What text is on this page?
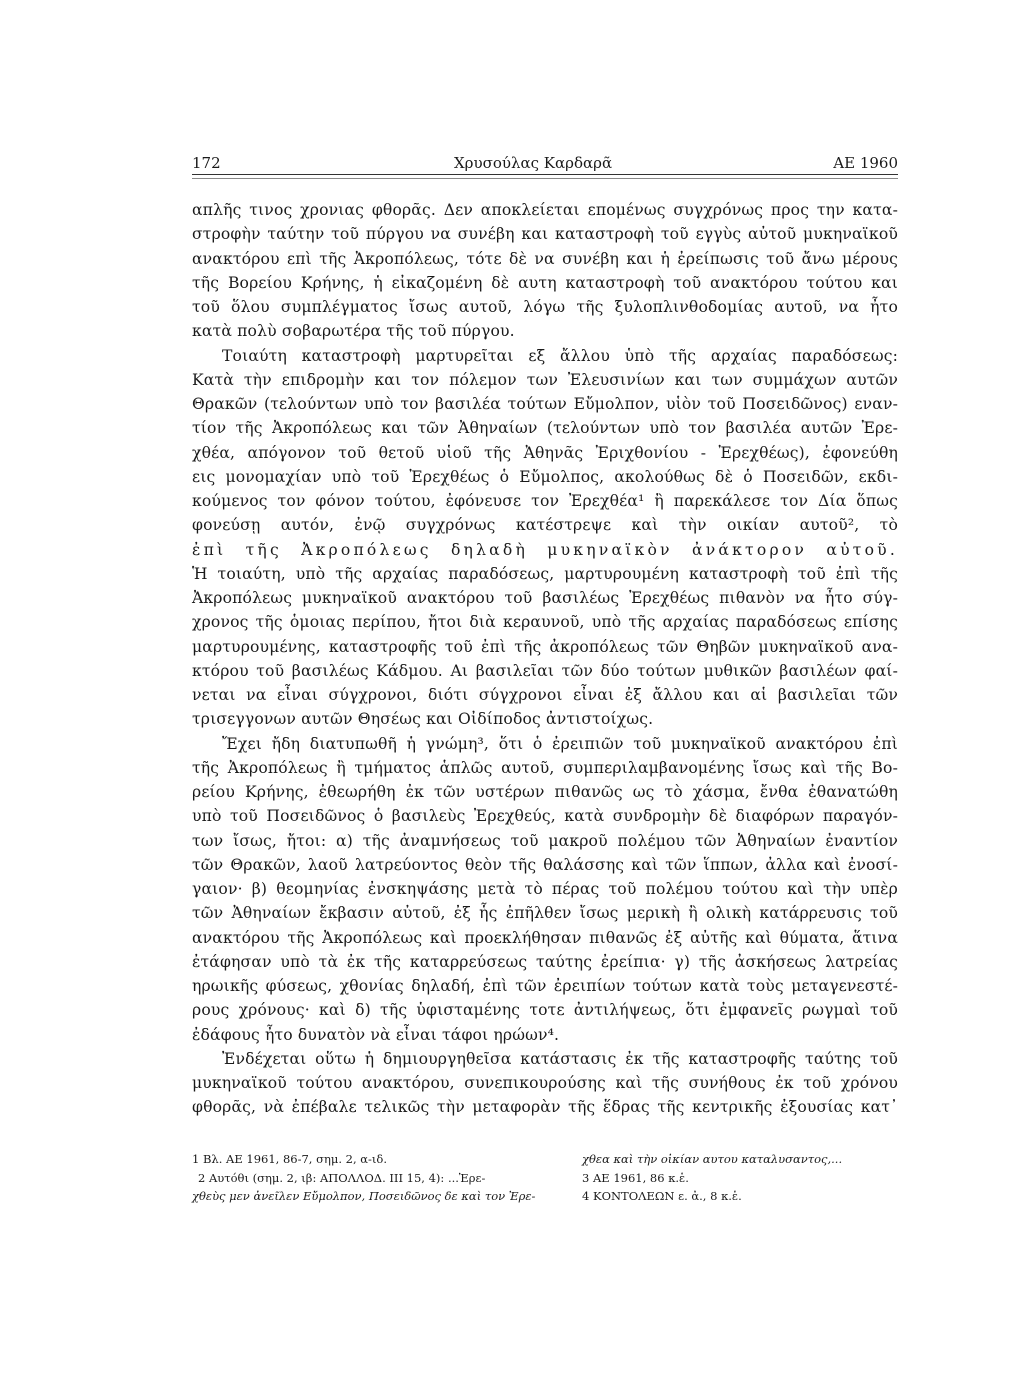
172	Χρυσούλας Καρδαρᾶ	ΑΕ 1960
απλῆς τινος χρονιας φθορᾶς. Δεν αποκλείεται επομένως συγχρόνως προς την κατα-
στροφὴν ταύτην τοῦ πύργου να συνέβη και καταστροφὴ τοῦ εγγὺς αὐτοῦ μυκηναϊκοῦ
ανακτόρου επὶ τῆς Ἀκροπόλεως, τότε δὲ να συνέβη και ἡ ἐρείπωσις τοῦ ἄνω μέρους
τῆς Βορείου Κρήνης, ἡ εἰκαζομένη δὲ αυτη καταστροφὴ τοῦ ανακτόρου τούτου και
τοῦ ὅλου συμπλέγματος ἴσως αυτοῦ, λόγω τῆς ξυλοπλινθοδομίας αυτοῦ, να ἦτο
κατὰ πολὺ σοβαρωτέρα τῆς τοῦ πύργου.
Τοιαύτη καταστροφὴ μαρτυρεῖται εξ ἄλλου ὑπὸ τῆς αρχαίας παραδόσεως:
Κατὰ τὴν επιδρομὴν και τον πόλεμον των Ἐλευσινίων και των συμμάχων αυτῶν
Θρακῶν (τελούντων υπὸ τον βασιλέα τούτων Εὔμολπον, υἱὸν τοῦ Ποσειδῶνος) εναν-
τίον τῆς Ἀκροπόλεως και τῶν Ἀθηναίων (τελούντων υπὸ τον βασιλέα αυτῶν Ἐρε-
χθέα, απόγονον τοῦ θετοῦ υἱοῦ τῆς Ἀθηνᾶς Ἐριχθονίου - Ἐρεχθέως), ἐφονεύθη
εις μονομαχίαν υπὸ τοῦ Ἐρεχθέως ὁ Εὔμολπος, ακολούθως δὲ ὁ Ποσειδῶν, εκδι-
κούμενος τον φόνον τούτου, ἐφόνευσε τον Ἐρεχθέα¹ ἢ παρεκάλεσε τον Δία ὅπως
φονεύσῃ αυτόν, ἐνῷ συγχρόνως κατέστρεψε καὶ τὴν οικίαν αυτοῦ², τὸ
ἐπὶ τῆς Ἀκροπόλεως δηλαδὴ μυκηναϊκὸν ἀνάκτορον αὐτοῦ.
Ἡ τοιαύτη, υπὸ τῆς αρχαίας παραδόσεως, μαρτυρουμένη καταστροφὴ τοῦ ἐπὶ τῆς
Ἀκροπόλεως μυκηναϊκοῦ ανακτόρου τοῦ βασιλέως Ἐρεχθέως πιθανὸν να ἦτο σύγ-
χρονος τῆς ὁμοιας περίπου, ἤτοι διὰ κεραυνοῦ, υπὸ τῆς αρχαίας παραδόσεως επίσης
μαρτυρουμένης, καταστροφῆς τοῦ ἐπὶ τῆς ἀκροπόλεως τῶν Θηβῶν μυκηναϊκοῦ ανα-
κτόρου τοῦ βασιλέως Κάδμου. Αι βασιλεῖαι τῶν δύο τούτων μυθικῶν βασιλέων φαί-
νεται να εἶναι σύγχρονοι, διότι σύγχρονοι εἶναι ἐξ ἄλλου και αἱ βασιλεῖαι τῶν
τρισεγγονων αυτῶν Θησέως και Οἰδίποδος ἀντιστοίχως.
Ἔχει ἤδη διατυπωθῆ ἡ γνώμη³, ὅτι ὁ ἐρειπιῶν τοῦ μυκηναϊκοῦ ανακτόρου ἐπὶ
τῆς Ἀκροπόλεως ἢ τμήματος ἁπλῶς αυτοῦ, συμπεριλαμβανομένης ἴσως καὶ τῆς Βο-
ρείου Κρήνης, ἐθεωρήθη ἐκ τῶν υστέρων πιθανῶς ως τὸ χάσμα, ἔνθα ἐθανατώθη
υπὸ τοῦ Ποσειδῶνος ὁ βασιλεὺς Ἐρεχθεύς, κατὰ συνδρομὴν δὲ διαφόρων παραγόν-
των ἴσως, ἤτοι: α) τῆς ἀναμνήσεως τοῦ μακροῦ πολέμου τῶν Ἀθηναίων ἐναντίον
τῶν Θρακῶν, λαοῦ λατρεύοντος θεὸν τῆς θαλάσσης καὶ τῶν ἵππων, ἀλλα καὶ ἐνοσί-
γαιον· β) θεομηνίας ἐνσκηψάσης μετὰ τὸ πέρας τοῦ πολέμου τούτου καὶ τὴν υπὲρ
τῶν Ἀθηναίων ἔκβασιν αὐτοῦ, ἐξ ἧς ἐπῆλθεν ἴσως μερικὴ ἢ ολικὴ κατάρρευσις τοῦ
ανακτόρου τῆς Ἀκροπόλεως καὶ προεκλήθησαν πιθανῶς ἐξ αὐτῆς καὶ θύματα, ἅτινα
ἐτάφησαν υπὸ τὰ ἐκ τῆς καταρρεύσεως ταύτης ἐρείπια· γ) τῆς ἀσκήσεως λατρείας
ηρωικῆς φύσεως, χθονίας δηλαδή, ἐπὶ τῶν ἐρειπίων τούτων κατὰ τοὺς μεταγενεστέ-
ρους χρόνους· καὶ δ) τῆς ὑφισταμένης τοτε ἀντιλήψεως, ὅτι ἐμφανεῖς ρωγμαὶ τοῦ
ἐδάφους ἦτο δυνατὸν νὰ εἶναι τάφοι ηρώων⁴.
Ἐνδέχεται οὕτω ἡ δημιουργηθεῖσα κατάστασις ἐκ τῆς καταστροφῆς ταύτης τοῦ
μυκηναϊκοῦ τούτου ανακτόρου, συνεπικουρούσης καὶ τῆς συνήθους ἐκ τοῦ χρόνου
φθορᾶς, νὰ ἐπέβαλε τελικῶς τὴν μεταφορὰν τῆς ἕδρας τῆς κεντρικῆς ἐξουσίας κατ᾽
1 Βλ. ΑΕ 1961, 86-7, σημ. 2, α-ιδ.
2 Αυτόθι (σημ. 2, ιβ: ΑΠΟΛΛΟΔ. ΙΙΙ 15, 4): ...Ἐρε-
χθεὺς μεν ἀνεῖλεν Εὔμολπον, Ποσειδῶνος δε καὶ τον Ἐρε-
χθεα καὶ τὴν οἰκίαν αυτου καταλυσαντος,...
3 ΑΕ 1961, 86 κ.ἑ.
4 ΚΟΝΤΟΛΕΩΝ ε. ἀ., 8 κ.ἑ.
